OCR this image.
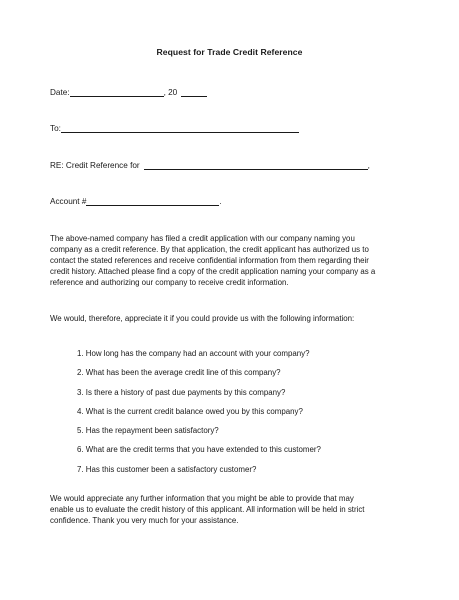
Request for Trade Credit Reference
Date:	, 20
To:
RE: Credit Reference for	,
Account #	.
The above-named company has filed a credit application with our company naming you
company as a credit reference. By that application, the credit applicant has authorized us to
contact the stated references and receive confidential information from them regarding their
credit history. Attached please find a copy of the credit application naming your company as a
reference and authorizing our company to receive credit information.
We would, therefore, appreciate it if you could provide us with the following information:
1. How long has the company had an account with your company?
2. What has been the average credit line of this company?
3. Is there a history of past due payments by this company?
4. What is the current credit balance owed you by this company?
5. Has the repayment been satisfactory?
6. What are the credit terms that you have extended to this customer?
7. Has this customer been a satisfactory customer?
We would appreciate any further information that you might be able to provide that may
enable us to evaluate the credit history of this applicant. All information will be held in strict
confidence. Thank you very much for your assistance.
